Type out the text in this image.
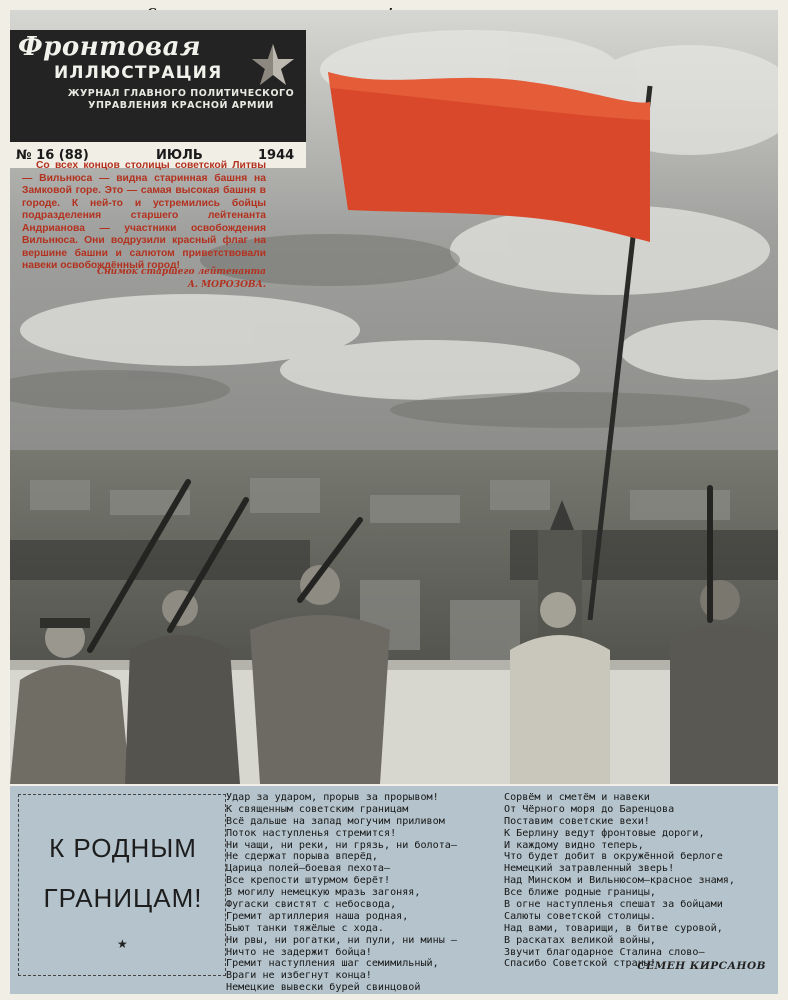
Фронтовая
ИЛЛЮСТРАЦИЯ
ЖУРНАЛ ГЛАВНОГО ПОЛИТИЧЕСКОГО УПРАВЛЕНИЯ КРАСНОЙ АРМИИ
№ 16 (88)	ИЮЛЬ	1944
Со всех концов столицы советской Литвы — Вильнюса — видна старинная башня на Замковой горе. Это — самая высокая башня в городе. К ней-то и устремились бойцы подразделения старшего лейтенанта Андрианова — участники освобождения Вильнюса. Они водрузили красный флаг на вершине башни и салютом приветствовали навеки освобождённый город!
Снимок старшего лейтенанта
А. МОРОЗОВА.
К РОДНЫМ
ГРАНИЦАМ!
★
Удар за ударом, прорыв за прорывом!
К священным советским границам
Всё дальше на запад могучим приливом
Поток наступленья стремится!
Ни чащи, ни реки, ни грязь, ни болота—
Не сдержат порыва вперёд,
Царица полей—боевая пехота—
Все крепости штурмом берёт!
В могилу немецкую мразь загоняя,
Фугаски свистят с небосвода,
Гремит артиллерия наша родная,
Бьют танки тяжёлые с хода.
Ни рвы, ни рогатки, ни пули, ни мины —
Ничто не задержит бойца!
Гремит наступления шаг семимильный,
Враги не избегнут конца!
Немецкие вывески бурей свинцовой
Сорвём и сметём и навеки
От Чёрного моря до Баренцова
Поставим советские вехи!
К Берлину ведут фронтовые дороги,
И каждому видно теперь,
Что будет добит в окружённой берлоге
Немецкий затравленный зверь!
Над Минском и Вильнюсом—красное знамя,
Все ближе родные границы,
В огне наступленья спешат за бойцами
Салюты советской столицы.
Над вами, товарищи, в битве суровой,
В раскатах великой войны,
Звучит благодарное Сталина слово—
Спасибо Советской страны!
СЕМЕН КИРСАНОВ
